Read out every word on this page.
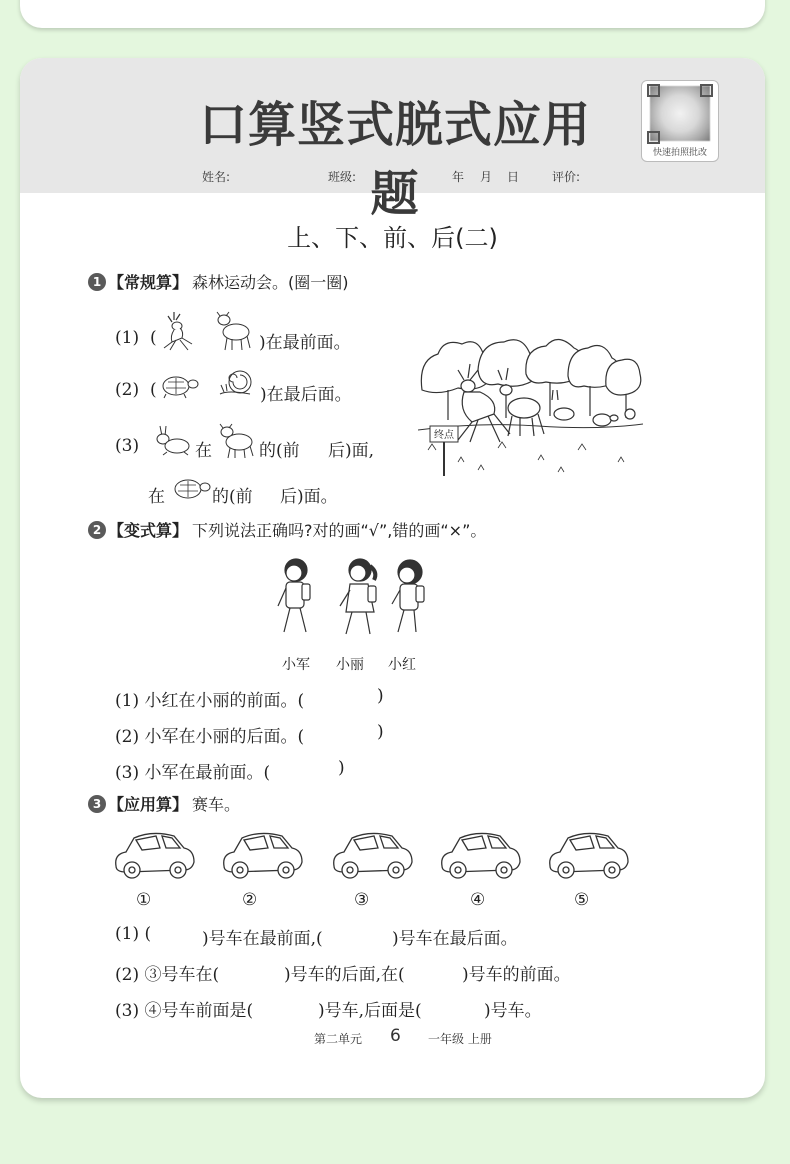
口算竖式脱式应用题
快速拍照批改
姓名:	班级:	年 月 日	评价:
上、下、前、后(二)
1 【常规算】 森林运动会。(圈一圈)
(1) (	)在最前面。
(2) (	)在最后面。
(3)	在	的(前 后)面,
在	的(前 后)面。
终点
2 【变式算】 下列说法正确吗?对的画“√”,错的画“×”。
小军 小丽 小红
(1) 小红在小丽的前面。(	)
(2) 小军在小丽的后面。(	)
(3) 小军在最前面。(	)
3 【应用算】 赛车。
①	②	③	④	⑤
(1) (	)号车在最前面,(	)号车在最后面。
(2) ③号车在(	)号车的后面,在(	)号车的前面。
(3) ④号车前面是(	)号车,后面是(	)号车。
第二单元 6 一年级 上册
